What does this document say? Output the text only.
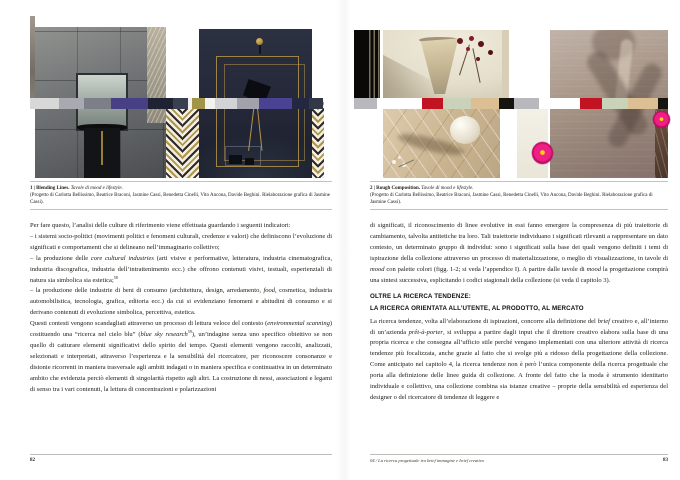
1 | Blending Lines. Tavole di mood e lifestyle.

(Progetto di Carlotta Bellissimo, Beatrice Braconi, Jasmine Cassi, Benedetta Cinelli, Vito Ancona, Davide Beghini. Rielaborazione grafica di Jasmine Cassi).

Per fare questo, l’analisi delle culture di riferimento viene effettuata guardando i seguenti indicatori:

– i sistemi socio-politici (movimenti politici e fenomeni culturali, credenze e valori) che definiscono l’evoluzione di significati e comportamenti che si delineano nell’immaginario collettivo;

– la produzione delle core cultural industries (arti visive e performative, letteratura, industria cinematografica, industria discografica, industria dell’intrattenimento ecc.) che offrono contenuti visivi, testuali, esperienziali di natura sia simbolica sia estetica;$^{58}$

– la produzione delle industrie di beni di consumo (architettura, design, arredamento, food, cosmetica, industria automobilistica, tecnologia, grafica, editoria ecc.) da cui si evidenziano fenomeni e abitudini di consumo e si derivano contenuti di evoluzione simbolica, percettiva, estetica.

Questi contesti vengono scandagliati attraverso un processo di lettura veloce del contesto (environmental scanning) costituendo una “ricerca nel cielo blu” (blue sky research$^{59}$), un’indagine senza uno specifico obiettivo se non quello di catturare elementi significativi dello spirito del tempo. Questi elementi vengono raccolti, analizzati, selezionati e interpretati, attraverso l’esperienza e la sensibilità del ricercatore, per riconoscere consonanze e distonie ricorrenti in maniera trasversale agli ambiti indagati o in maniera specifica e continuativa in un determinato ambito che evidenzia perciò elementi di singolarità rispetto agli altri. La costruzione di nessi, associazioni e legami di senso tra i vari contenuti, la lettura di concentrazioni e polarizzazioni

82

2 | Rough Composition. Tavole di mood e lifestyle.

(Progetto di Carlotta Bellissimo, Beatrice Braconi, Jasmine Cassi, Benedetta Cinelli, Vito Ancona, Davide Beghini. Rielaborazione grafica di Jasmine Cassi).

di significati, il riconoscimento di linee evolutive in essi fanno emergere la compresenza di più traiettorie di cambiamento, talvolta antitetiche tra loro. Tali traiettorie individuano i significati rilevanti a rappresentare un dato contesto, un determinato gruppo di individui: sono i significati sulla base dei quali vengono definiti i temi di ispirazione della collezione attraverso un processo di materializzazione, o meglio di visualizzazione, in tavole di mood con palette colori (figg. 1-2; si veda l’appendice I). A partire dalle tavole di mood la progettazione compirà una sintesi successiva, esplicitando i codici stagionali della collezione (si veda il capitolo 3).

OLTRE LA RICERCA TENDENZE:

LA RICERCA ORIENTATA ALL’UTENTE, AL PRODOTTO, AL MERCATO

La ricerca tendenze, volta all’elaborazione di ispirazioni, concorre alla definizione del brief creativo e, all’interno di un’azienda prêt-à-porter, si sviluppa a partire dagli input che il direttore creativo elabora sulla base di una propria ricerca e che consegna all’ufficio stile perché vengano implementati con una ulteriore attività di ricerca tendenze più focalizzata, anche grazie al fatto che si svolge più a ridosso della progettazione della collezione. Come anticipato nel capitolo 4, la ricerca tendenze non è però l’unica componente della ricerca progettuale che porta alla definizione delle linee guida di collezione. A fronte del fatto che la moda è strumento identitario individuale e collettivo, una collezione combina sia istanze creative – proprie della sensibilità ed esperienza del designer o del ricercatore di tendenze di leggere e

04 / La ricerca progettuale tra brief immagine e brief creativo	83
